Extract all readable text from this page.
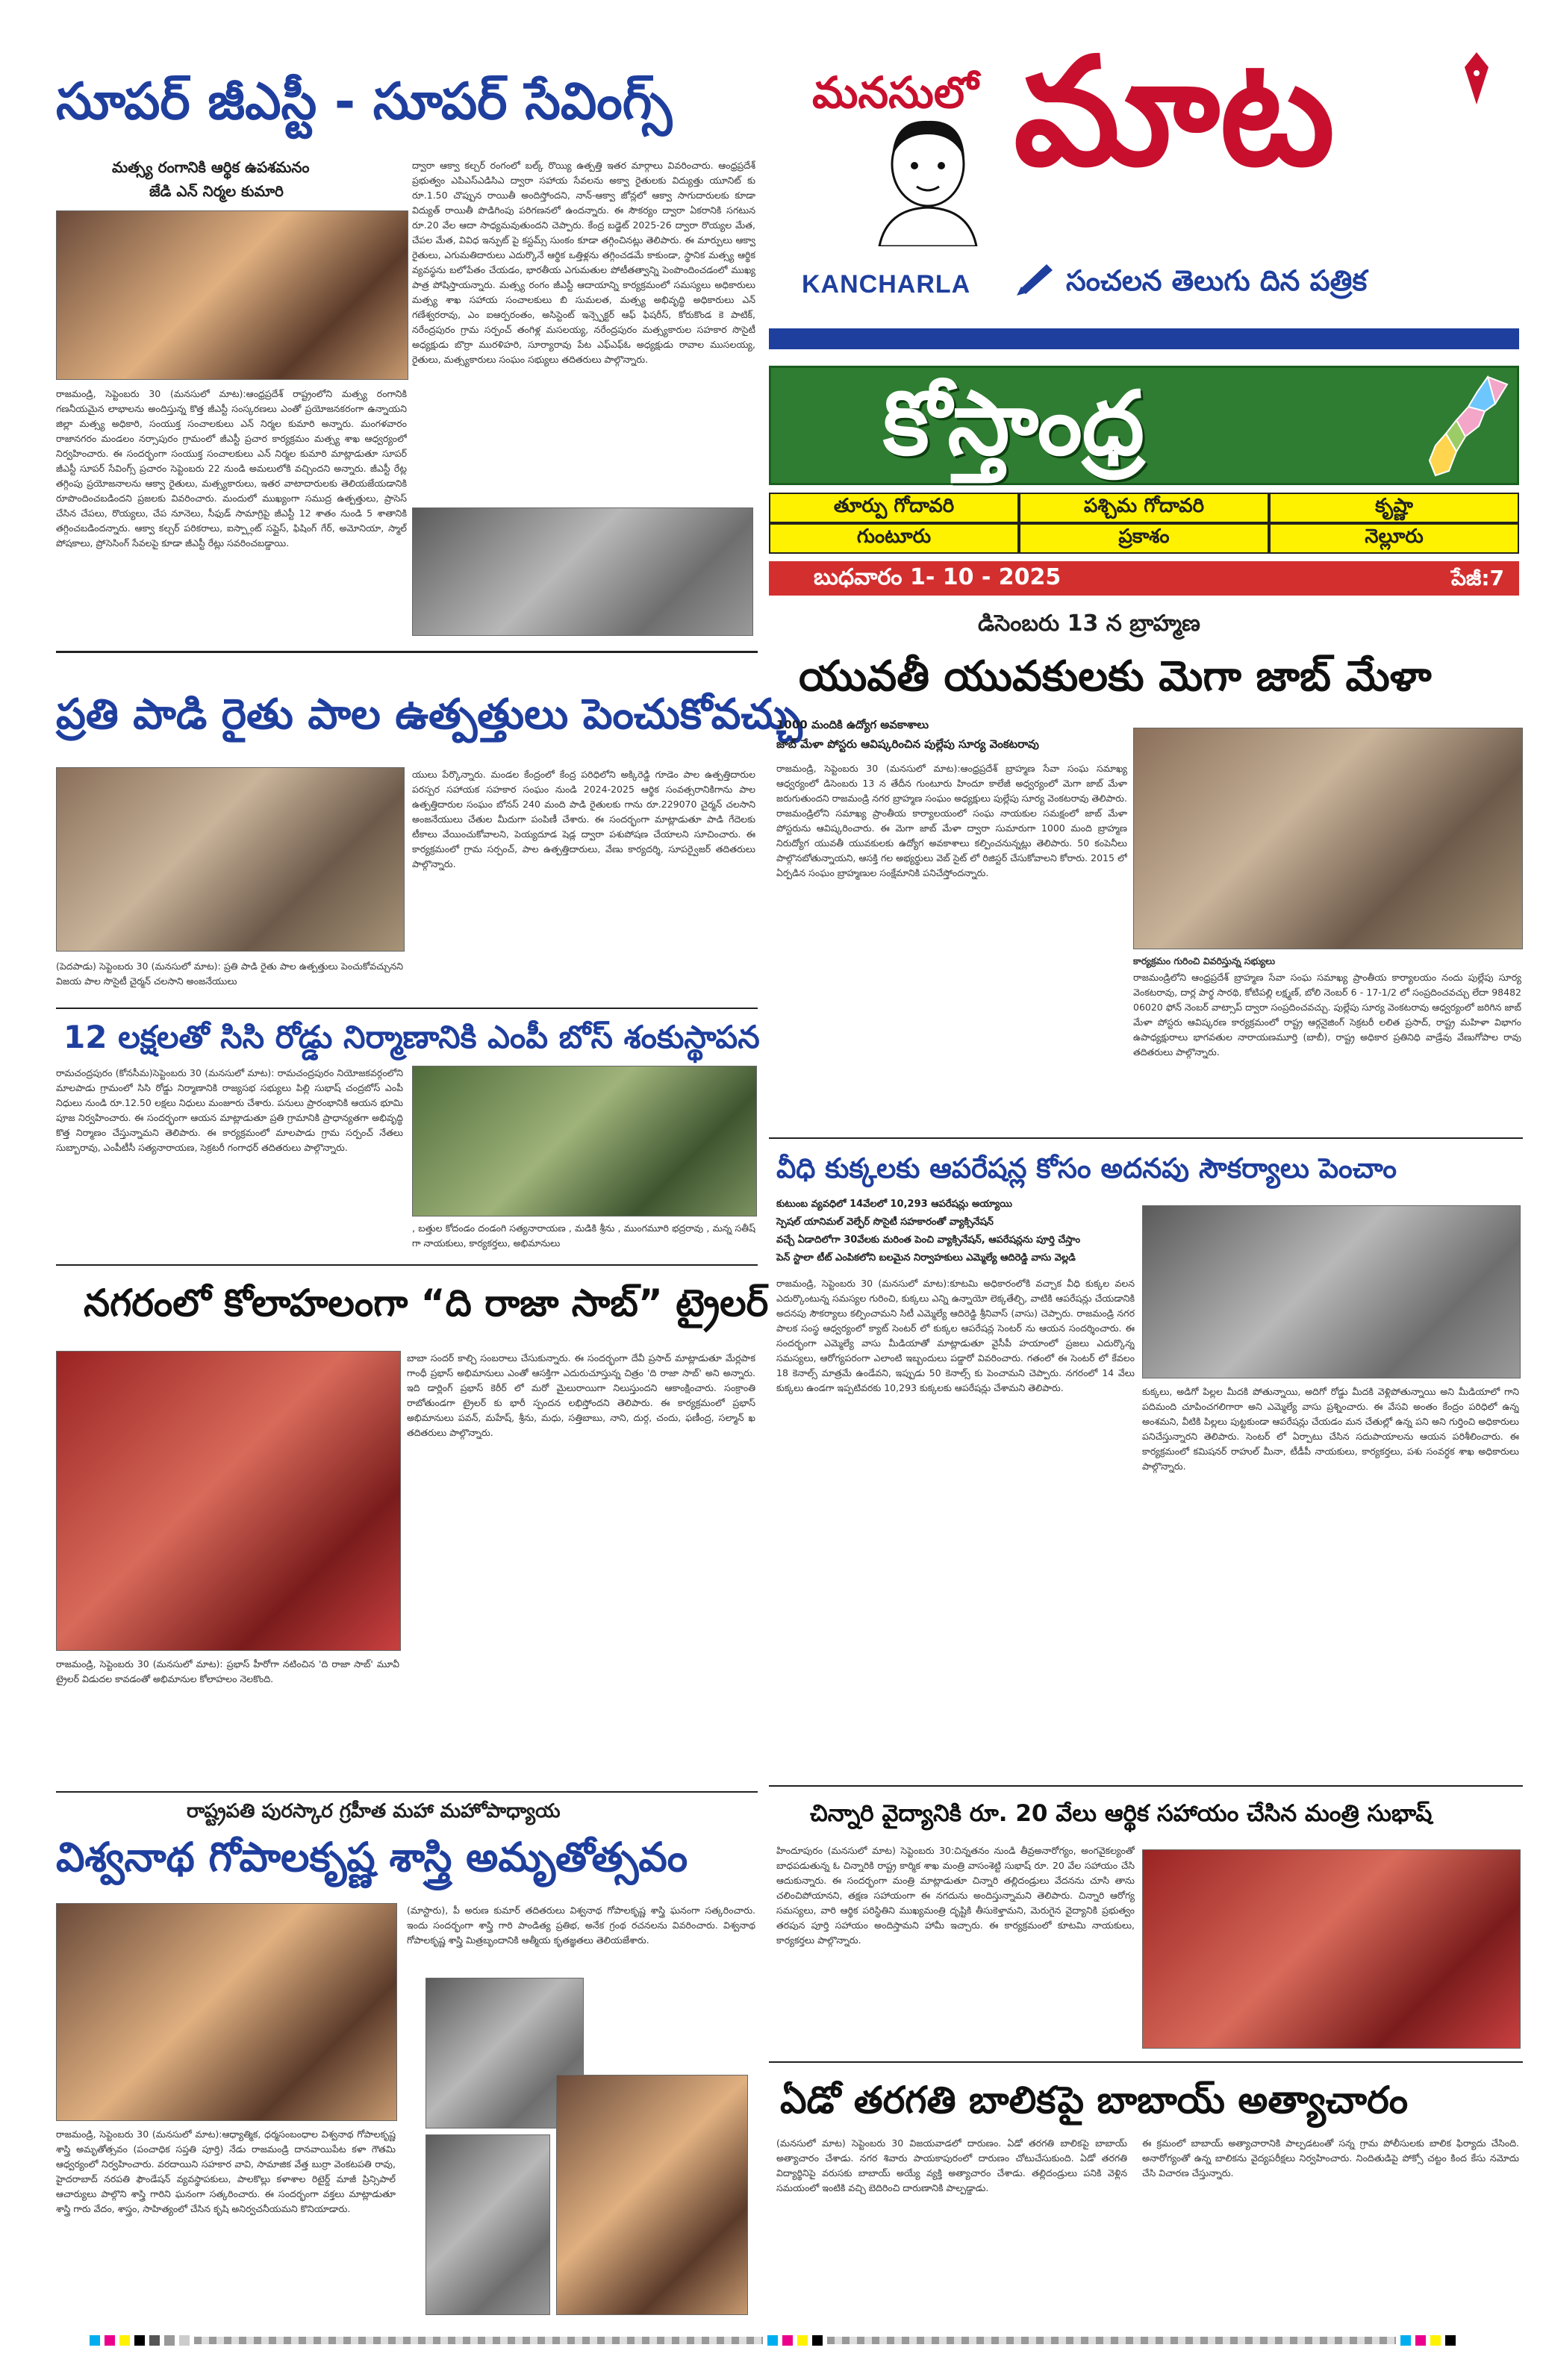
మనసులో మాట
KANCHARLA	సంచలన తెలుగు దిన పత్రిక
కోస్తాంధ్ర
తూర్పు గోదావరి	పశ్చిమ గోదావరి	కృష్ణా
గుంటూరు	ప్రకాశం	నెల్లూరు
బుధవారం 1- 10 - 2025	పేజీ:7
సూపర్ జీఎస్టీ - సూపర్ సేవింగ్స్
మత్స్య రంగానికి ఆర్థిక ఉపశమనం
జేడి ఎన్ నిర్మల కుమారి
రాజమండ్రి, సెప్టెంబరు 30 (మనసులో మాట):ఆంధ్రప్రదేశ్ రాష్ట్రంలోని మత్స్య రంగానికి గణనీయమైన లాభాలను అందిస్తున్న కొత్త జీఎస్టీ సంస్కరణలు ఎంతో ప్రయోజనకరంగా ఉన్నాయని జిల్లా మత్స్య అధికారి, సంయుక్త సంచాలకులు ఎన్ నిర్మల కుమారి అన్నారు. మంగళవారం రాజానగరం మండలం నర్సాపురం గ్రామంలో జీఎస్టీ ప్రచార కార్యక్రమం మత్స్య శాఖ ఆధ్వర్యంలో నిర్వహించారు. ఈ సందర్భంగా సంయుక్త సంచాలకులు ఎన్ నిర్మల కుమారి మాట్లాడుతూ సూపర్ జీఎస్టీ సూపర్ సేవింగ్స్ ప్రచారం సెప్టెంబరు 22 నుండి అమలులోకి వచ్చిందని అన్నారు. జీఎస్టీ రేట్ల తగ్గింపు ప్రయోజనాలను ఆక్వా రైతులు, మత్స్యకారులు, ఇతర వాటాదారులకు తెలియజేయడానికి రూపొందించబడిందని ప్రజలకు వివరించారు. మందులో ముఖ్యంగా సముద్ర ఉత్పత్తులు, ప్రాసెస్ చేసిన చేపలు, రొయ్యలు, చేప నూనెలు, సీఫుడ్ సామాగ్రిపై జీఎస్టీ 12 శాతం నుండి 5 శాతానికి తగ్గించబడిందన్నారు. ఆక్వా కల్చర్ పరికరాలు, ఐస్ప్లాంట్ సప్లైస్, ఫిషింగ్ గేర్, అమోనియా, స్మాల్ పోషకాలు, ప్రోసెసింగ్ సేవలపై కూడా జీఎస్టీ రేట్లు సవరించబడ్డాయి.
ద్వారా ఆక్వా కల్చర్ రంగంలో బల్క్ రొయ్యి ఉత్పత్తి ఇతర మార్గాలు వివరించారు. ఆంధ్రప్రదేశ్ ప్రభుత్వం ఎపిఎస్ఎడిసిఎ ద్వారా సహాయ సేవలను అక్వా రైతులకు విద్యుత్తు యూనిట్ కు రూ.1.50 చొప్పున రాయితీ అందిస్తోందని, నాన్-ఆక్వా జోన్లలో ఆక్వా సాగుదారులకు కూడా విద్యుత్ రాయితీ పొడిగింపు పరిగణనలో ఉందన్నారు. ఈ సౌకర్యం ద్వారా ఏకరానికి సగటున రూ.20 వేల ఆదా సాధ్యమవుతుందని చెప్పారు. కేంద్ర బడ్జెట్ 2025-26 ద్వారా రొయ్యల మేత, చేపల మేత, వివిధ ఇన్పుట్ పై కస్టమ్స్ సుంకం కూడా తగ్గించినట్లు తెలిపారు. ఈ మార్పులు ఆక్వా రైతులు, ఎగుమతిదారులు ఎదుర్కొనే ఆర్థిక ఒత్తిళ్లను తగ్గించడమే కాకుండా, స్థానిక మత్స్య ఆర్థిక వ్యవస్థను బలోపేతం చేయడం, భారతీయ ఎగుమతుల పోటీతత్వాన్ని పెంపొందించడంలో ముఖ్య పాత్ర పోషిస్తాయన్నారు. మత్స్య రంగం జీఎస్టీ ఆదాయాన్ని కార్యక్రమంలో సమస్యలు అధికారులు మత్స్య శాఖ సహాయ సంచాలకులు బి సుమలత, మత్స్య అభివృద్ధి అధికారులు ఎన్ గణేశ్వరరావు, ఎం ఐఆర్పరంతం, అసిస్టెంట్ ఇన్స్పెక్టర్ ఆఫ్ ఫిషరీస్, కోరుకొండ కె పాటిక్, నరేంద్రపురం గ్రామ సర్పంచ్ తంగిళ్ల మసలయ్య, నరేంద్రపురం మత్స్యకారుల సహకార సొసైటీ అధ్యక్షుడు బొర్రా మురళిహరి, సూర్యారావు పేట ఎఫ్ఎఫ్ఓ అధ్యక్షుడు రావాల ముసలయ్య, రైతులు, మత్స్యకారులు సంఘం సభ్యులు తదితరులు పాల్గొన్నారు.
ప్రతి పాడి రైతు పాల ఉత్పత్తులు పెంచుకోవచ్చు
(పెదపాడు) సెప్టెంబరు 30 (మనసులో మాట): ప్రతి పాడి రైతు పాల ఉత్పత్తులు పెంచుకోవచ్చునని విజయ పాల సొసైటీ చైర్మన్ చలసాని అంజనేయులు
యులు పేర్కొన్నారు. మండల కేంద్రంలో కేంద్ర పరిధిలోని అక్కిరెడ్డి గూడెం పాల ఉత్పత్తిదారుల పరస్పర సహాయక సహకార సంఘం నుండి 2024-2025 ఆర్థిక సంవత్సరానికిగాను పాల ఉత్పత్తిదారుల సంఘం బోనస్ 240 మంది పాడి రైతులకు గాను రూ.229070 చైర్మన్ చలసాని అంజనేయులు చేతుల మీదుగా పంపిణీ చేశారు. ఈ సందర్భంగా మాట్లాడుతూ పాడి గేదెలకు టీకాలు వేయించుకోవాలని, పెయ్యదూడ షెడ్ల ద్వారా పశుపోషణ చేయాలని సూచించారు. ఈ కార్యక్రమంలో గ్రామ సర్పంచ్, పాల ఉత్పత్తిదారులు, వేణు కార్యదర్శి, సూపర్వైజర్ తదితరులు పాల్గొన్నారు.
12 లక్షలతో సిసి రోడ్డు నిర్మాణానికి ఎంపీ బోస్ శంకుస్థాపన
రామచంద్రపురం (కోనసీమ)సెప్టెంబరు 30 (మనసులో మాట): రామచంద్రపురం నియోజకవర్గంలోని మాలపాడు గ్రామంలో సిసి రోడ్డు నిర్మాణానికి రాజ్యసభ సభ్యులు పిల్లి సుభాష్ చంద్రబోస్ ఎంపీ నిధులు నుండి రూ.12.50 లక్షలు నిధులు మంజూరు చేశారు. పనులు ప్రారంభానికి ఆయన భూమి పూజ నిర్వహించారు. ఈ సందర్భంగా ఆయన మాట్లాడుతూ ప్రతి గ్రామానికి ప్రాధాన్యతగా అభివృద్ధి కొత్త నిర్మాణం చేస్తున్నామని తెలిపారు. ఈ కార్యక్రమంలో మాలపాడు గ్రామ సర్పంచ్ నేతలు సుబ్బారావు, ఎంపీటీసీ సత్యనారాయణ, సెక్రటరీ గంగాధర్ తదితరులు పాల్గొన్నారు.
, బత్తుల కోదండం దండంగి సత్యనారాయణ , మడికి శ్రీను , ముంగమూరి భద్రరావు , మన్న సతీష్ గా నాయకులు, కార్యకర్తలు, అభిమానులు
నగరంలో కోలాహలంగా “ది రాజా సాబ్” ట్రైలర్
రాజమండ్రి, సెప్టెంబరు 30 (మనసులో మాట): ప్రభాస్ హీరోగా నటించిన 'ది రాజా సాబ్' మూవీ ట్రైలర్ విడుదల కావడంతో అభిమానుల కోలాహలం నెలకొంది.
బాబా సందర్ కాల్చి సంబరాలు చేసుకున్నారు. ఈ సందర్భంగా దేవీ ప్రసాద్ మాట్లాడుతూ మేర్లపాక గాంధీ ప్రభాస్ అభిమానులు ఎంతో ఆసక్తిగా ఎదురుచూస్తున్న చిత్రం 'ది రాజా సాబ్' అని అన్నారు. ఇది డార్లింగ్ ప్రభాస్ కెరీర్ లో మరో మైలురాయిగా నిలుస్తుందని ఆకాంక్షించారు. సంక్రాంతి రాబోతుండగా ట్రైలర్ కు భారీ స్పందన లభిస్తోందని తెలిపారు. ఈ కార్యక్రమంలో ప్రభాస్ అభిమానులు పవన్, మహేష్, శ్రీను, మధు, సత్తిబాబు, నాని, దుర్గ, చందు, ఫణీంద్ర, సల్మాన్ ఖ తదితరులు పాల్గొన్నారు.
రాష్ట్రపతి పురస్కార గ్రహీత మహా మహోపాధ్యాయ
విశ్వనాథ గోపాలకృష్ణ శాస్త్రి అమృతోత్సవం
రాజమండ్రి, సెప్టెంబరు 30 (మనసులో మాట):ఆధ్యాత్మిక, ధర్మసంబంధాల విశ్వనాథ గోపాలకృష్ణ శాస్త్రి అమృతోత్సవం (పంచాధిక సప్తతి పూర్తి) నేడు రాజమండ్రి దానవాయిపేట కళా గౌతమి ఆధ్వర్యంలో నిర్వహించారు. వరదాయిని సహకార వావి, సామాజిక వేత్త బుర్రా వెంకటపతి రావు, హైదరాబాద్ నరపతి ఫౌండేషన్ వ్యవస్థాపకులు, పాలకొల్లు కళాశాల రిటైర్డ్ మాజీ ప్రిన్సిపాల్ ఆచార్యులు పాల్గొని శాస్త్రి గారిని ఘనంగా సత్కరించారు. ఈ సందర్భంగా వక్తలు మాట్లాడుతూ శాస్త్రి గారు వేదం, శాస్త్రం, సాహిత్యంలో చేసిన కృషి అనిర్వచనీయమని కొనియాడారు.
(మాస్టారు), పీ అరుణ కుమార్ తదితరులు విశ్వనాథ గోపాలకృష్ణ శాస్త్రి ఘనంగా సత్కరించారు. ఇందు సందర్భంగా శాస్త్రి గారి పాండిత్య ప్రతిభ, అనేక గ్రంథ రచనలను వివరించారు. విశ్వనాథ గోపాలకృష్ణ శాస్త్రి మిత్రబృందానికి ఆత్మీయ కృతజ్ఞతలు తెలియజేశారు.
డిసెంబరు 13 న బ్రాహ్మణ
యువతీ యువకులకు మెగా జాబ్ మేళా
1000 మందికి ఉద్యోగ అవకాశాలు
జాబ్ మేళా పోస్టరు ఆవిష్కరించిన పుల్లేపు సూర్య వెంకటరావు
రాజమండ్రి, సెప్టెంబరు 30 (మనసులో మాట):ఆంధ్రప్రదేశ్ బ్రాహ్మణ సేవా సంఘ సమాఖ్య ఆధ్వర్యంలో డిసెంబరు 13 న తేదీన గుంటూరు హిందూ కాలేజీ అధ్వర్యంలో మెగా జాబ్ మేళా జరుగుతుందని రాజమండ్రి నగర బ్రాహ్మణ సంఘం అధ్యక్షులు పుల్లేపు సూర్య వెంకటరావు తెలిపారు. రాజమండ్రిలోని సమాఖ్య ప్రాంతీయ కార్యాలయంలో సంఘ నాయకుల సమక్షంలో జాబ్ మేళా పోస్టరును ఆవిష్కరించారు. ఈ మెగా జాబ్ మేళా ద్వారా సుమారుగా 1000 మంది బ్రాహ్మణ నిరుద్యోగ యువతీ యువకులకు ఉద్యోగ అవకాశాలు కల్పించనున్నట్లు తెలిపారు. 50 కంపెనీలు పాల్గొనబోతున్నాయని, ఆసక్తి గల అభ్యర్థులు వెబ్ సైట్ లో రిజిస్టర్ చేసుకోవాలని కోరారు. 2015 లో ఏర్పడిన సంఘం బ్రాహ్మణుల సంక్షేమానికి పనిచేస్తోందన్నారు.
కార్యక్రమం గురించి వివరిస్తున్న సభ్యులు
రాజమండ్రిలోని ఆంధ్రప్రదేశ్ బ్రాహ్మణ సేవా సంఘ సమాఖ్య ప్రాంతీయ కార్యాలయం నందు పుల్లేపు సూర్య వెంకటరావు, దార్ల పార్థ సారథి, కోటిపల్లి లక్ష్మణ్, బోలి నెంబర్ 6 - 17-1/2 లో సంప్రదించవచ్చు లేదా 98482 06020 ఫోన్ నెంబర్ వాట్సాప్ ద్వారా సంప్రదించవచ్చు. పుల్లేపు సూర్య వెంకటరావు ఆధ్వర్యంలో జరిగిన జాబ్ మేళా పోస్టరు ఆవిష్కరణ కార్యక్రమంలో రాష్ట్ర ఆర్గనైజింగ్ సెక్రటరీ లలిత ప్రసాద్, రాష్ట్ర మహిళా విభాగం ఉపాధ్యక్షురాలు భాగవతుల నారాయణమూర్తి (బాబీ), రాష్ట్ర అధికార ప్రతినిధి వాడ్రేవు వేణుగోపాల రావు తదితరులు పాల్గొన్నారు.
వీధి కుక్కలకు ఆపరేషన్ల కోసం అదనపు సౌకర్యాలు పెంచాం
కుటుంబ వ్యవధిలో 14వేలలో 10,293 ఆపరేషన్లు అయ్యాయి
స్పెషల్ యానిమల్ వెల్ఫేర్ సొసైటీ సహకారంతో వ్యాక్సినేషన్
వచ్చే ఏడాదిలోగా 30వేలకు మరింత పెంచి వ్యాక్సినేషన్, ఆపరేషన్లను పూర్తి చేస్తాం
పెన్ స్టాలా టీట్ ఎంపికలోని బలమైన నిర్వాహకులు ఎమ్మెల్యే ఆదిరెడ్డి వాసు వెల్లడి
రాజమండ్రి, సెప్టెంబరు 30 (మనసులో మాట):కూటమి అధికారంలోకి వచ్చాక వీధి కుక్కల వలన ఎదుర్కొంటున్న సమస్యల గురించి, కుక్కలు ఎన్ని ఉన్నాయో లెక్కతేల్చి, వాటికి ఆపరేషన్లు చేయడానికి అదనపు సౌకర్యాలు కల్పించామని సిటీ ఎమ్మెల్యే ఆదిరెడ్డి శ్రీనివాస్ (వాసు) చెప్పారు. రాజమండ్రి నగర పాలక సంస్థ ఆధ్వర్యంలో క్యాట్ సెంటర్ లో కుక్కల ఆపరేషన్ల సెంటర్ ను ఆయన సందర్శించారు. ఈ సందర్భంగా ఎమ్మెల్యే వాసు మీడియాతో మాట్లాడుతూ వైసీపీ హయాంలో ప్రజలు ఎదుర్కొన్న సమస్యలు, ఆరోగ్యపరంగా ఎలాంటి ఇబ్బందులు పడ్డారో వివరించారు. గతంలో ఈ సెంటర్ లో కేవలం 18 కెనాల్స్ మాత్రమే ఉండేవని, ఇప్పుడు 50 కెనాల్స్ కు పెంచామని చెప్పారు. నగరంలో 14 వేలు కుక్కలు ఉండగా ఇప్పటివరకు 10,293 కుక్కలకు ఆపరేషన్లు చేశామని తెలిపారు.	కుక్కలు, అడిగో పిల్లల మీదకి పోతున్నాయి, అదిగో రోడ్డు మీదకి వెళ్లిపోతున్నాయి అని మీడియాలో గాని పదిమంది చూపించగలిగారా అని ఎమ్మెల్యే వాసు ప్రశ్నించారు. ఈ వేసవి అంతం కేంద్రం పరిధిలో ఉన్న అంశమని, వీటికి పిల్లలు పుట్టకుండా ఆపరేషన్లు చేయడం మన చేతుల్లో ఉన్న పని అని గుర్తించి అధికారులు పనిచేస్తున్నారని తెలిపారు. సెంటర్ లో ఏర్పాటు చేసిన సదుపాయాలను ఆయన పరిశీలించారు. ఈ కార్యక్రమంలో కమిషనర్ రాహుల్ మీనా, టీడీపీ నాయకులు, కార్యకర్తలు, పశు సంవర్ధక శాఖ అధికారులు పాల్గొన్నారు.
చిన్నారి వైద్యానికి రూ. 20 వేలు ఆర్థిక సహాయం చేసిన మంత్రి సుభాష్
హిందూపురం (మనసులో మాట) సెప్టెంబరు 30:చిన్నతనం నుండి తీవ్రఅనారోగ్యం, అంగవైకల్యంతో బాధపడుతున్న ఓ చిన్నారికి రాష్ట్ర కార్మిక శాఖ మంత్రి వాసంశెట్టి సుభాష్ రూ. 20 వేల సహాయం చేసి ఆదుకున్నారు. ఈ సందర్భంగా మంత్రి మాట్లాడుతూ చిన్నారి తల్లిదండ్రులు వేదనను చూసి తాను చలించిపోయానని, తక్షణ సహాయంగా ఈ నగదును అందిస్తున్నామని తెలిపారు. చిన్నారి ఆరోగ్య సమస్యలు, వారి ఆర్థిక పరిస్థితిని ముఖ్యమంత్రి దృష్టికి తీసుకెళ్తామని, మెరుగైన వైద్యానికి ప్రభుత్వం తరపున పూర్తి సహాయం అందిస్తామని హామీ ఇచ్చారు. ఈ కార్యక్రమంలో కూటమి నాయకులు, కార్యకర్తలు పాల్గొన్నారు.
ఏడో తరగతి బాలికపై బాబాయ్ అత్యాచారం
(మనసులో మాట) సెప్టెంబరు 30 విజయవాడలో దారుణం. ఏడో తరగతి బాలికపై బాబాయ్ అత్యాచారం చేశాడు. నగర శివారు పాయకాపురంలో దారుణం చోటుచేసుకుంది. ఏడో తరగతి విద్యార్థినిపై వరుసకు బాబాయ్ అయ్యే వ్యక్తి అత్యాచారం చేశాడు. తల్లిదండ్రులు పనికి వెళ్లిన సమయంలో ఇంటికి వచ్చి బెదిరించి దారుణానికి పాల్పడ్డాడు.
ఈ క్రమంలో బాబాయ్ అత్యాచారానికి పాల్పడటంతో సన్న గ్రామ పోలీసులకు బాలిక ఫిర్యాదు చేసింది. అనారోగ్యంతో ఉన్న బాలికను వైద్యపరీక్షలు నిర్వహించారు. నిందితుడిపై పోక్సో చట్టం కింద కేసు నమోదు చేసి విచారణ చేస్తున్నారు.
